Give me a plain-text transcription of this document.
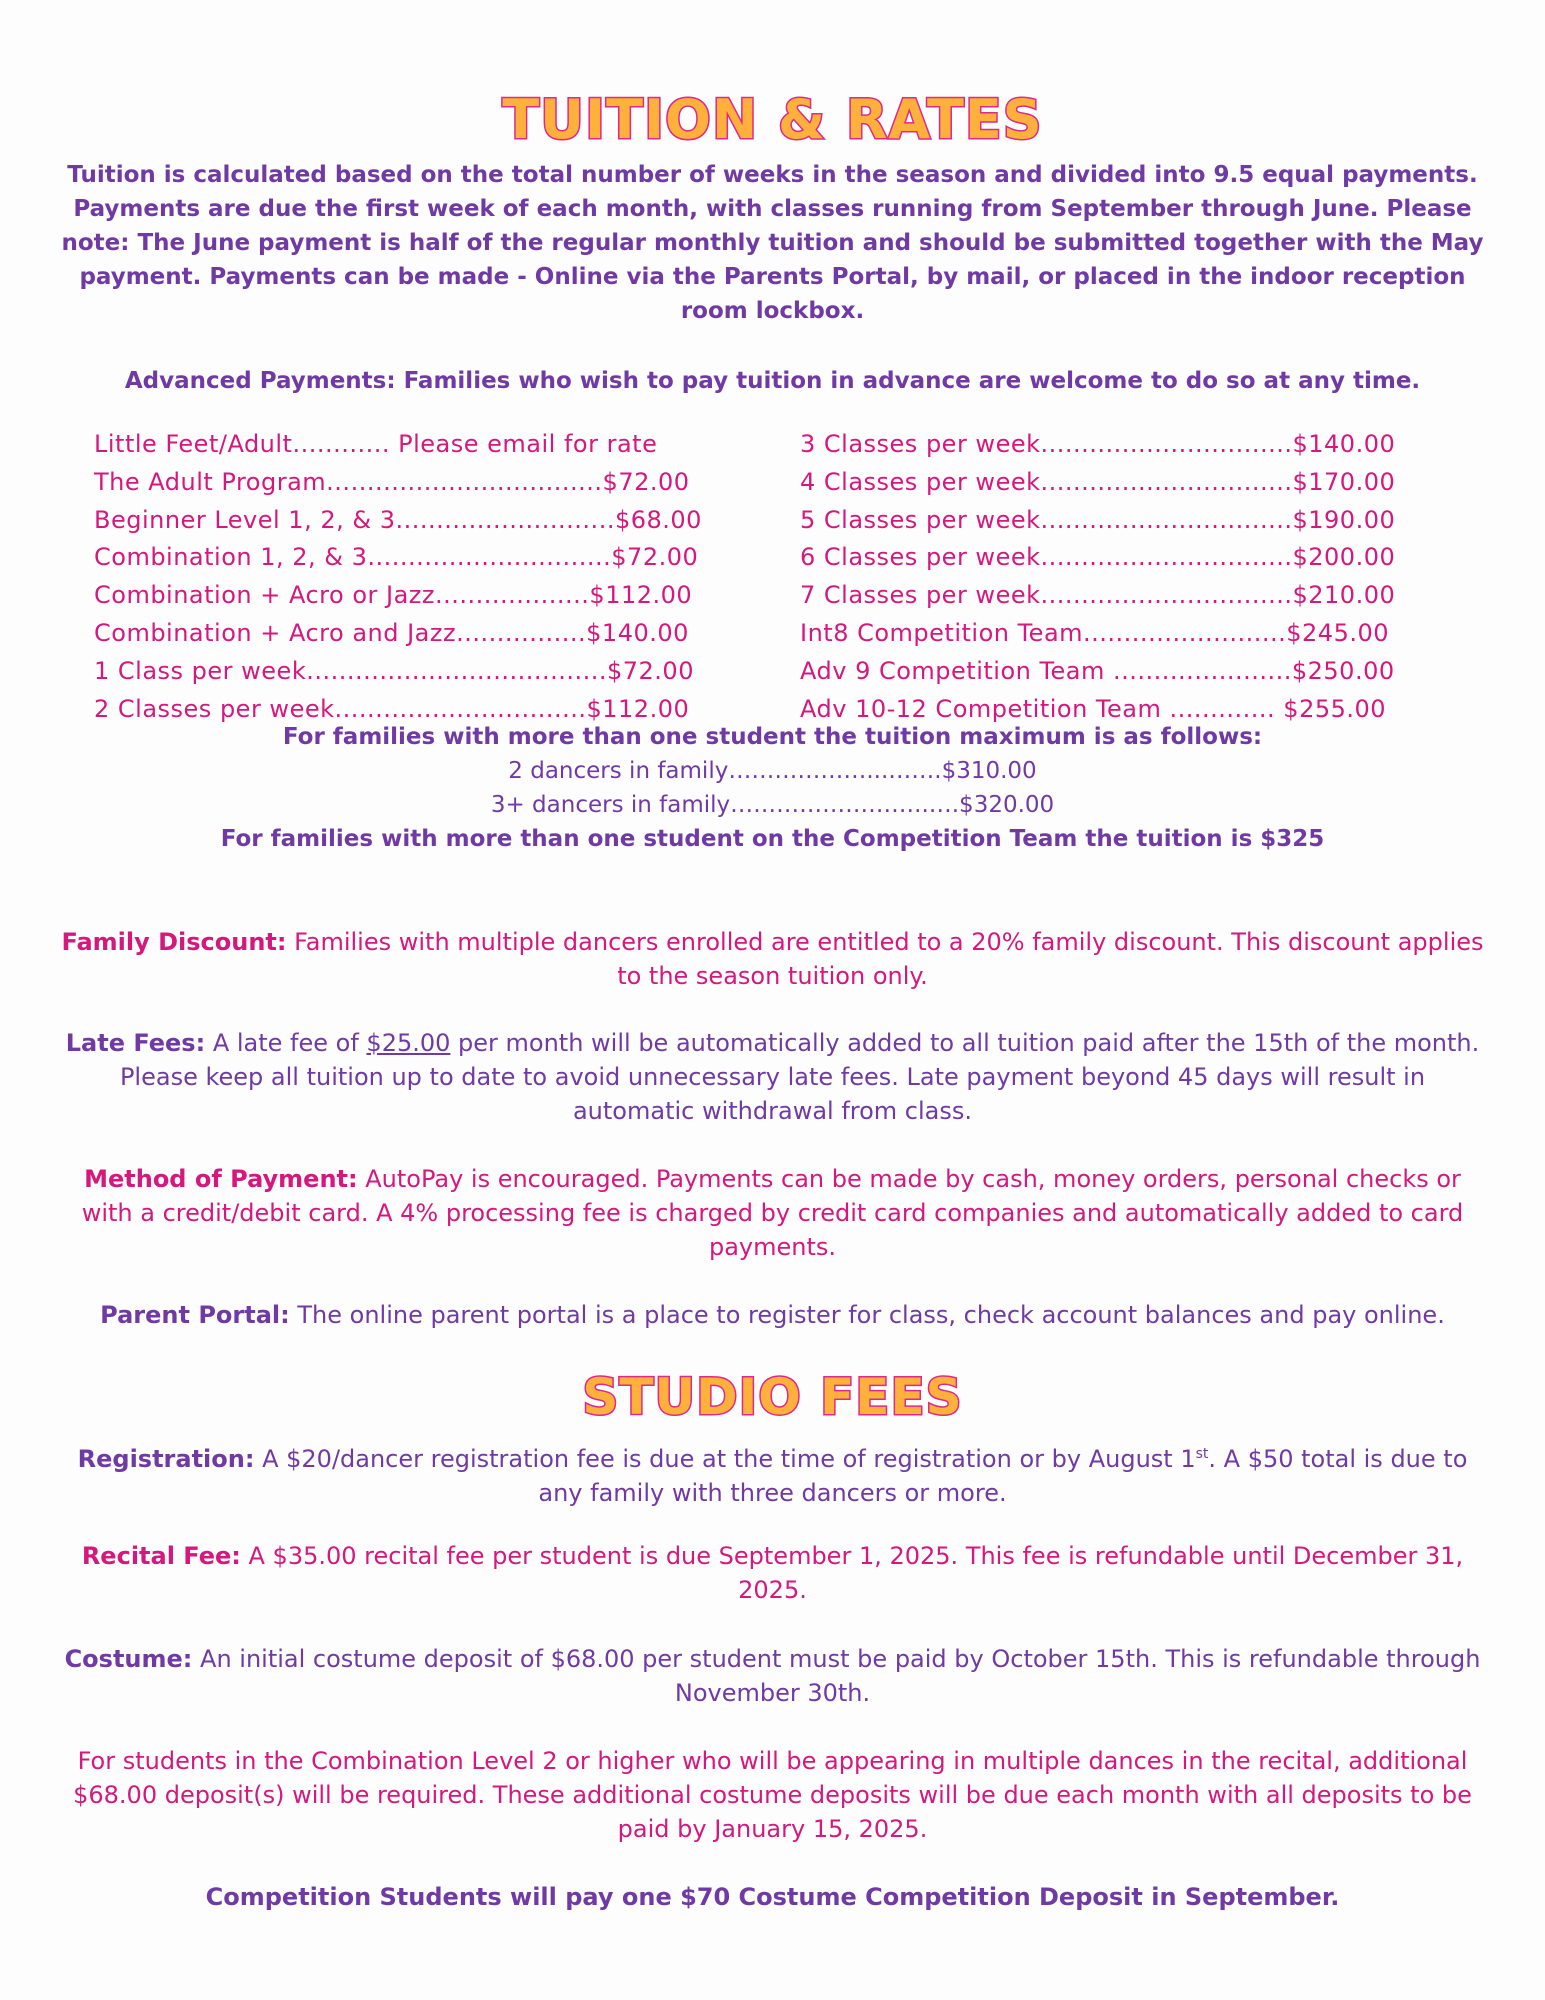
TUITION & RATES
Tuition is calculated based on the total number of weeks in the season and divided into 9.5 equal payments. Payments are due the first week of each month, with classes running from September through June. Please note: The June payment is half of the regular monthly tuition and should be submitted together with the May payment. Payments can be made - Online via the Parents Portal, by mail, or placed in the indoor reception room lockbox.
Advanced Payments: Families who wish to pay tuition in advance are welcome to do so at any time.
Little Feet/Adult............ Please email for rate
The Adult Program..................................$72.00
Beginner Level 1, 2, & 3...........................$68.00
Combination 1, 2, & 3..............................$72.00
Combination + Acro or Jazz...................$112.00
Combination + Acro and Jazz................$140.00
1 Class per week.....................................$72.00
2 Classes per week...............................$112.00
3 Classes per week...............................$140.00
4 Classes per week...............................$170.00
5 Classes per week...............................$190.00
6 Classes per week...............................$200.00
7 Classes per week...............................$210.00
Int8 Competition Team.........................$245.00
Adv 9 Competition Team ......................$250.00
Adv 10-12 Competition Team ............. $255.00
For families with more than one student the tuition maximum is as follows:
2 dancers in family………………...…….$310.00
3+ dancers in family……………………..….$320.00
For families with more than one student on the Competition Team the tuition is $325
Family Discount: Families with multiple dancers enrolled are entitled to a 20% family discount. This discount applies to the season tuition only.
Late Fees: A late fee of $25.00 per month will be automatically added to all tuition paid after the 15th of the month. Please keep all tuition up to date to avoid unnecessary late fees. Late payment beyond 45 days will result in automatic withdrawal from class.
Method of Payment: AutoPay is encouraged. Payments can be made by cash, money orders, personal checks or with a credit/debit card. A 4% processing fee is charged by credit card companies and automatically added to card payments.
Parent Portal: The online parent portal is a place to register for class, check account balances and pay online.
STUDIO FEES
Registration: A $20/dancer registration fee is due at the time of registration or by August 1st. A $50 total is due to any family with three dancers or more.
Recital Fee: A $35.00 recital fee per student is due September 1, 2025. This fee is refundable until December 31, 2025.
Costume: An initial costume deposit of $68.00 per student must be paid by October 15th. This is refundable through November 30th.
For students in the Combination Level 2 or higher who will be appearing in multiple dances in the recital, additional $68.00 deposit(s) will be required. These additional costume deposits will be due each month with all deposits to be paid by January 15, 2025.
Competition Students will pay one $70 Costume Competition Deposit in September.
